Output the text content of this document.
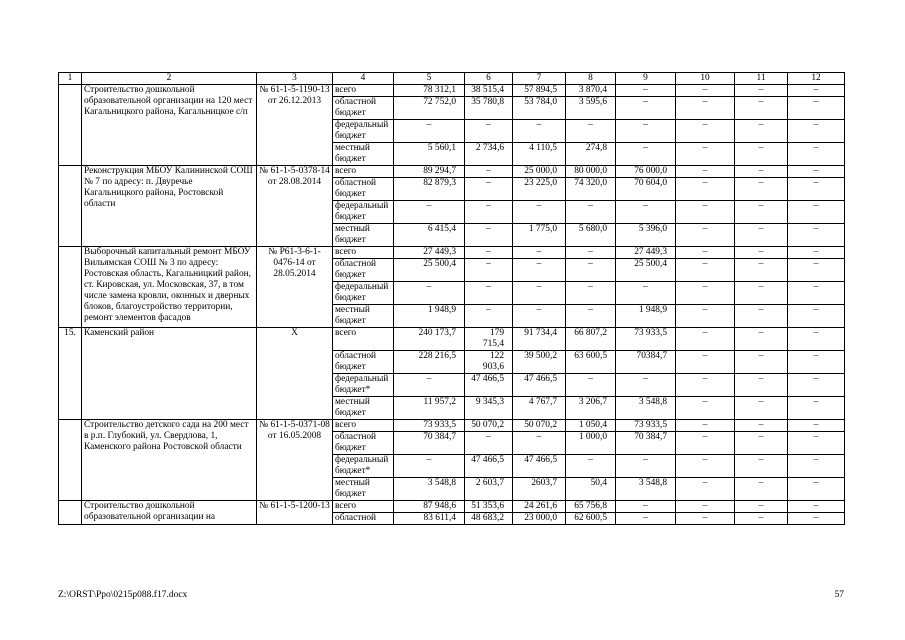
1	2	3	4	5	6	7	8	9	10	11	12
	Строительство дошкольной образовательной организации на 120 мест Кагальницкого района, Кагальницкое с/п	№ 61-1-5-1190-13 от 26.12.2013	всего	78 312,1	38 515,4	57 894,5	3 870,4	–	–	–	–
			областной бюджет	72 752,0	35 780,8	53 784,0	3 595,6	–	–	–	–
			федеральный бюджет	–	–	–	–	–	–	–	–
			местный бюджет	5 560,1	2 734,6	4 110,5	274,8	–	–	–	–
	Реконструкция МБОУ Калининской СОШ № 7 по адресу: п. Двуречье Кагальницкого района, Ростовской области	№ 61-1-5-0378-14 от 28.08.2014	всего	89 294,7	–	25 000,0	80 000,0	76 000,0	–	–	–
			областной бюджет	82 879,3	–	23 225,0	74 320,0	70 604,0	–	–	–
			федеральный бюджет	–	–	–	–	–	–	–	–
			местный бюджет	6 415,4	–	1 775,0	5 680,0	5 396,0	–	–	–
	Выборочный капитальный ремонт МБОУ Вильямская СОШ № 3 по адресу: Ростовская область, Кагальницкий район, ст. Кировская, ул. Московская, 37, в том числе замена кровли, оконных и дверных блоков, благоустройство территории, ремонт элементов фасадов	№ Р61-3-6-1-0476-14 от 28.05.2014	всего	27 449,3	–	–	–	27 449,3	–	–	–
			областной бюджет	25 500,4	–	–	–	25 500,4	–	–	–
			федеральный бюджет	–	–	–	–	–	–	–	–
			местный бюджет	1 948,9	–	–	–	1 948,9	–	–	–
15.	Каменский район	Х	всего	240 173,7	179 715,4	91 734,4	66 807,2	73 933,5	–	–	–
			областной бюджет	228 216,5	122 903,6	39 500,2	63 600,5	70384,7	–	–	–
			федеральный бюджет*	–	47 466,5	47 466,5	–	–	–	–	–
			местный бюджет	11 957,2	9 345,3	4 767,7	3 206,7	3 548,8	–	–	–
	Строительство детского сада на 200 мест в р.п. Глубокий, ул. Свердлова, 1, Каменского района Ростовской области	№ 61-1-5-0371-08 от 16.05.2008	всего	73 933,5	50 070,2	50 070,2	1 050,4	73 933,5	–	–	–
			областной бюджет	70 384,7	–	–	1 000,0	70 384,7	–	–	–
			федеральный бюджет*	–	47 466,5	47 466,5	–	–	–	–	–
			местный бюджет	3 548,8	2 603,7	2603,7	50,4	3 548,8	–	–	–
	Строительство дошкольной образовательной организации на	№ 61-1-5-1200-13	всего	87 948,6	51 353,6	24 261,6	65 756,8	–	–	–	–
			областной	83 611,4	48 683,2	23 000,0	62 600,5	–	–	–	–
Z:\ORST\Ppo\0215p088.f17.docx	57
